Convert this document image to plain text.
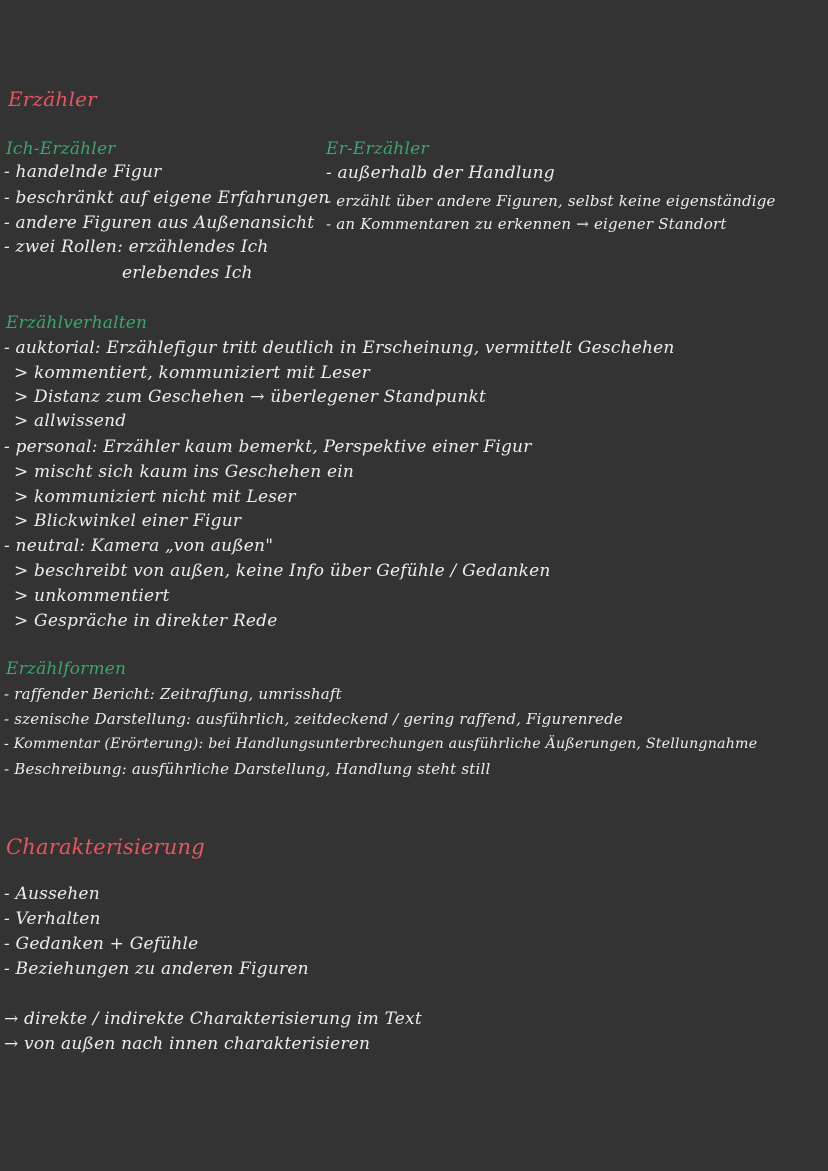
Erzähler
Ich-Erzähler
- handelnde Figur
- beschränkt auf eigene Erfahrungen
- andere Figuren aus Außenansicht
- zwei Rollen: erzählendes Ich
erlebendes Ich
Er-Erzähler
- außerhalb der Handlung
- erzählt über andere Figuren, selbst keine eigenständige
- an Kommentaren zu erkennen → eigener Standort
Erzählverhalten
- auktorial: Erzählefigur tritt deutlich in Erscheinung, vermittelt Geschehen
> kommentiert, kommuniziert mit Leser
> Distanz zum Geschehen → überlegener Standpunkt
> allwissend
- personal: Erzähler kaum bemerkt, Perspektive einer Figur
> mischt sich kaum ins Geschehen ein
> kommuniziert nicht mit Leser
> Blickwinkel einer Figur
- neutral: Kamera „von außen"
> beschreibt von außen, keine Info über Gefühle / Gedanken
> unkommentiert
> Gespräche in direkter Rede
Erzählformen
- raffender Bericht: Zeitraffung, umrisshaft
- szenische Darstellung: ausführlich, zeitdeckend / gering raffend, Figurenrede
- Kommentar (Erörterung): bei Handlungsunterbrechungen ausführliche Äußerungen, Stellungnahme
- Beschreibung: ausführliche Darstellung, Handlung steht still
Charakterisierung
- Aussehen
- Verhalten
- Gedanken + Gefühle
- Beziehungen zu anderen Figuren
→ direkte / indirekte Charakterisierung im Text
→ von außen nach innen charakterisieren
